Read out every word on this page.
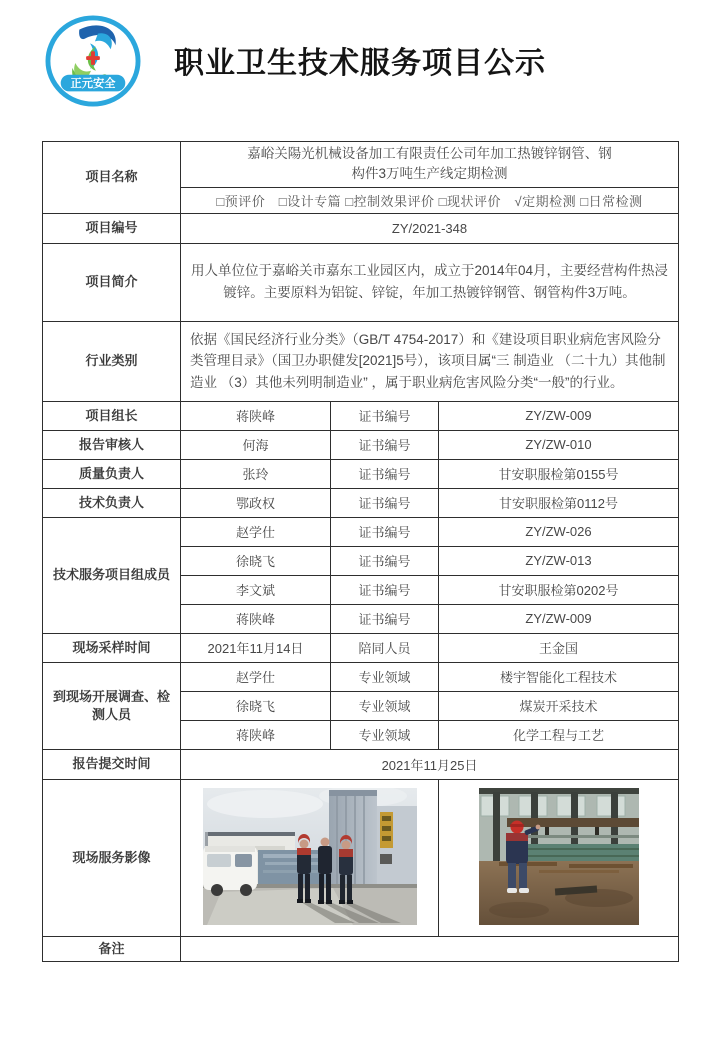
正元安全
职业卫生技术服务项目公示
项目名称	嘉峪关陽光机械设备加工有限责任公司年加工热镀锌钢管、钢
构件3万吨生产线定期检测		

	□预评价　□设计专篇 □控制效果评价 □现状评价　√定期检测 □日常检测		
项目编号	ZY/2021-348		
项目简介	用人单位位于嘉峪关市嘉东工业园区内，成立于2014年04月，主要经营构件热浸镀锌。主要原料为铝锭、锌锭，年加工热镀锌钢管、钢管构件3万吨。		
行业类别	依据《国民经济行业分类》（GB/T 4754-2017）和《建设项目职业病危害风险分类管理目录》（国卫办职健发[2021]5号），该项目属“三 制造业 （二十九）其他制造业 （3）其他未列明制造业” ，属于职业病危害风险分类“一般”的行业。		
项目组长	蒋陕峰	证书编号	ZY/ZW-009
报告审核人	何海	证书编号	ZY/ZW-010
质量负责人	张玲	证书编号	甘安职服检第0155号
技术负责人	鄂政权	证书编号	甘安职服检第0112号
技术服务项目组成员	赵学仕	证书编号	ZY/ZW-026
	徐晓飞	证书编号	ZY/ZW-013
	李文斌	证书编号	甘安职服检第0202号
	蒋陕峰	证书编号	ZY/ZW-009
现场采样时间	2021年11月14日	陪同人员	王金国
到现场开展调查、检测人员	赵学仕	专业领域	楼宇智能化工程技术
	徐晓飞	专业领域	煤炭开采技术
	蒋陕峰	专业领域	化学工程与工艺
报告提交时间	2021年11月25日		
现场服务影像	

备注			
